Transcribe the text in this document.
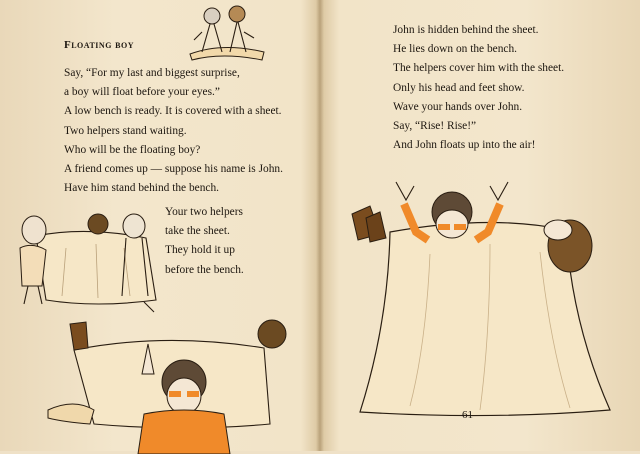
Floating boy
Say, “For my last and biggest surprise,
a boy will float before your eyes.”
A low bench is ready. It is covered with a sheet.
Two helpers stand waiting.
Who will be the floating boy?
A friend comes up — suppose his name is John.
Have him stand behind the bench.
Your two helpers
take the sheet.
They hold it up
before the bench.
John is hidden behind the sheet.
He lies down on the bench.
The helpers cover him with the sheet.
Only his head and feet show.
Wave your hands over John.
Say, “Rise! Rise!”
And John floats up into the air!

61
